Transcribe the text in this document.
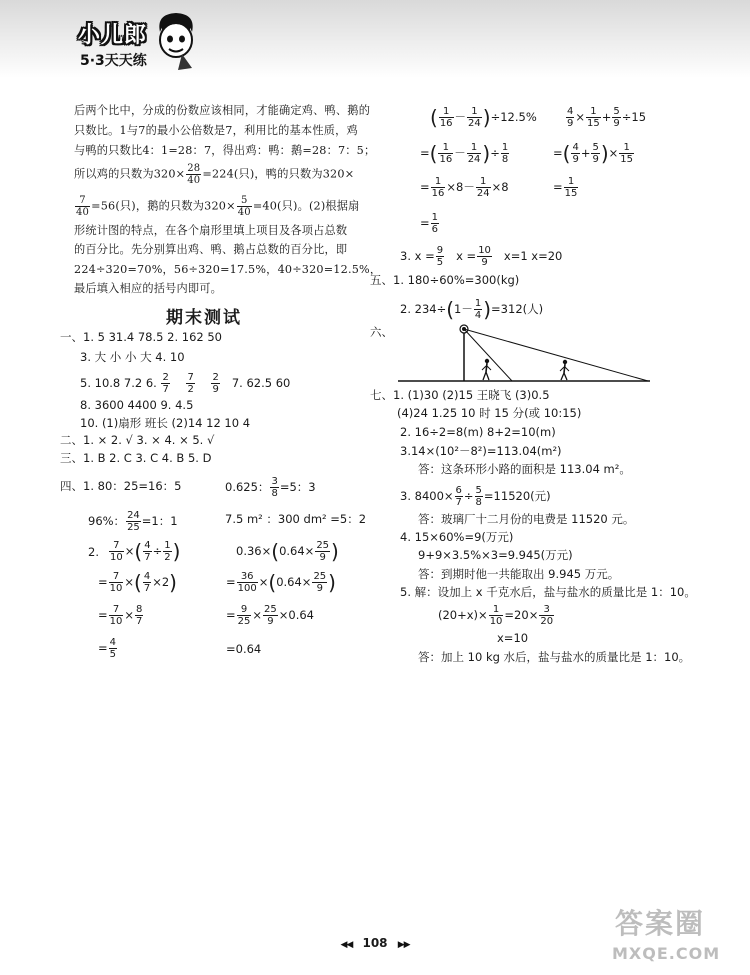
小儿郎
5·3天天练
后两个比中，分成的份数应该相同，才能确定鸡、鸭、鹅的
只数比。1与7的最小公倍数是7，利用比的基本性质，鸡
与鸭的只数比4：1=28：7，得出鸡：鸭：鹅=28：7：5；
所以鸡的只数为$320\times \frac{28}{40} =224$(只)，鸭的只数为320×
$\frac{7}{40} =56$(只)，鹅的只数为$320\times \frac{5}{40} =40$(只)。(2)根据扇
形统计图的特点，在各个扇形里填上项目及各项占总数
的百分比。先分别算出鸡、鸭、鹅占总数的百分比，即
224÷320=70%，56÷320=17.5%，40÷320=12.5%，
最后填入相应的括号内即可。
期末测试
一、1. 5 31.4 78.5 2. 162 50
3. 大 小 小 大 4. 10
5. 10.8 7.2 6. $\frac{2}{7}$
$\frac{7}{2}$
$\frac{2}{9} 7$. 62.5 60
8. 3600 4400 9. 4.5
10. (1)扇形 班长 (2)14 12 10 4
二、1. × 2. √ 3. × 4. × 5. √
三、1. B 2. C 3. C 4. B 5. D
四、1. 80：25=16：5	0.625： $\frac{3}{8} =5$：3
96%： $\frac{24}{25} =1$：1	7.5 m² ：300 dm² =5：2
2. $\frac{7}{10}$ ×( $\frac{4}{7} \div \frac{1}{2}$ )
= $\frac{7}{10}$ ×( $\frac{4}{7} \times 2$)
= $\frac{7}{10} \times \frac{8}{7}$
= $\frac{4}{5}$
$0.36\times(0.64\times \frac{25}{9}$ )
= $\frac{36}{100} \times(0.64\times \frac{25}{9}$ )
= $\frac{9}{25} \times \frac{25}{9} \times 0.64$
=0.64
( $\frac{1}{16} - \frac{1}{24} )\div 12.5\%$
=( $\frac{1}{16} - \frac{1}{24}$ )÷ $\frac{1}{8}$
= $\frac{1}{16} \times 8- \frac{1}{24} \times 8$
= $\frac{1}{6}$
$\frac{4}{9} \times \frac{1}{15} + \frac{5}{9} \div 15$
=( $\frac{4}{9} + \frac{5}{9}$ )× $\frac{1}{15}$
= $\frac{1}{15}$
3. $x = \frac{9}{5}$ $x = \frac{10}{9} x=1$ x=20
五、1. 180÷60%=300(kg)
2. $234\div(1- \frac{1}{4} )=312$(人)
六、
七、1. (1)30 (2)15 王晓飞 (3)0.5
(4)24 1.25 10 时 15 分(或 10:15)
2. 16÷2=8(m) 8+2=10(m)
3.14×(10²－8²)=113.04(m²)
答：这条环形小路的面积是 113.04 m²。
3. $8400\times \frac{6}{7} \div \frac{5}{8} =11520$(元)
答：玻璃厂十二月份的电费是 11520 元。
4. 15×60%=9(万元)
9+9×3.5%×3=9.945(万元)
答：到期时他一共能取出 9.945 万元。
5. 解：设加上 x 千克水后，盐与盐水的质量比是 1：10。
$(20+x)\times \frac{1}{10} =20\times \frac{3}{20}$
x=10
答：加上 10 kg 水后，盐与盐水的质量比是 1：10。
◀◀ 108 ▶▶
答案圈
MXQE.COM
